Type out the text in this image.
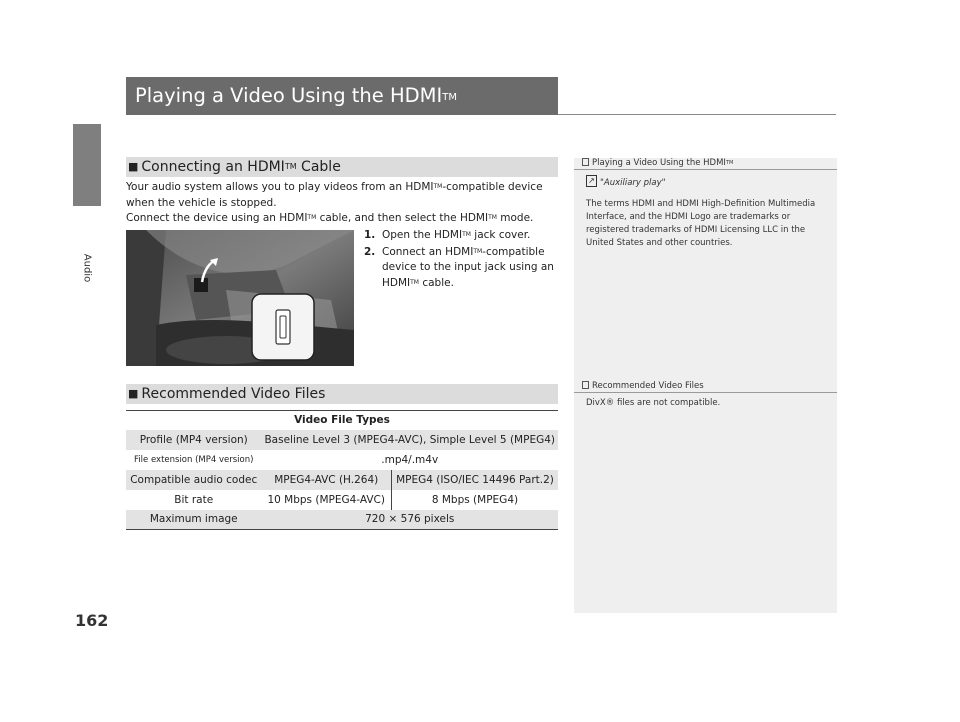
Audio
162
Playing a Video Using the HDMI™
■ Connecting an HDMI™ Cable

Your audio system allows you to play videos from an HDMI™-compatible device when the vehicle is stopped.

Connect the device using an HDMI™ cable, and then select the HDMI™ mode.

1. Open the HDMI™ jack cover.
2. Connect an HDMI™-compatible device to the input jack using an HDMI™ cable.
Playing a Video Using the HDMI™
↗ "Auxiliary play"

The terms HDMI and HDMI High-Definition Multimedia Interface, and the HDMI Logo are trademarks or registered trademarks of HDMI Licensing LLC in the United States and other countries.

■ Recommended Video Files	Recommended Video Files

DivX® files are not compatible.

Video File Types		
Profile (MP4 version)	Baseline Level 3 (MPEG4-AVC), Simple Level 5 (MPEG4)	
File extension (MP4 version)	.mp4/.m4v	
Compatible audio codec	MPEG4-AVC (H.264)	MPEG4 (ISO/IEC 14496 Part.2)
Bit rate	10 Mbps (MPEG4-AVC)	8 Mbps (MPEG4)
Maximum image	720 × 576 pixels	
